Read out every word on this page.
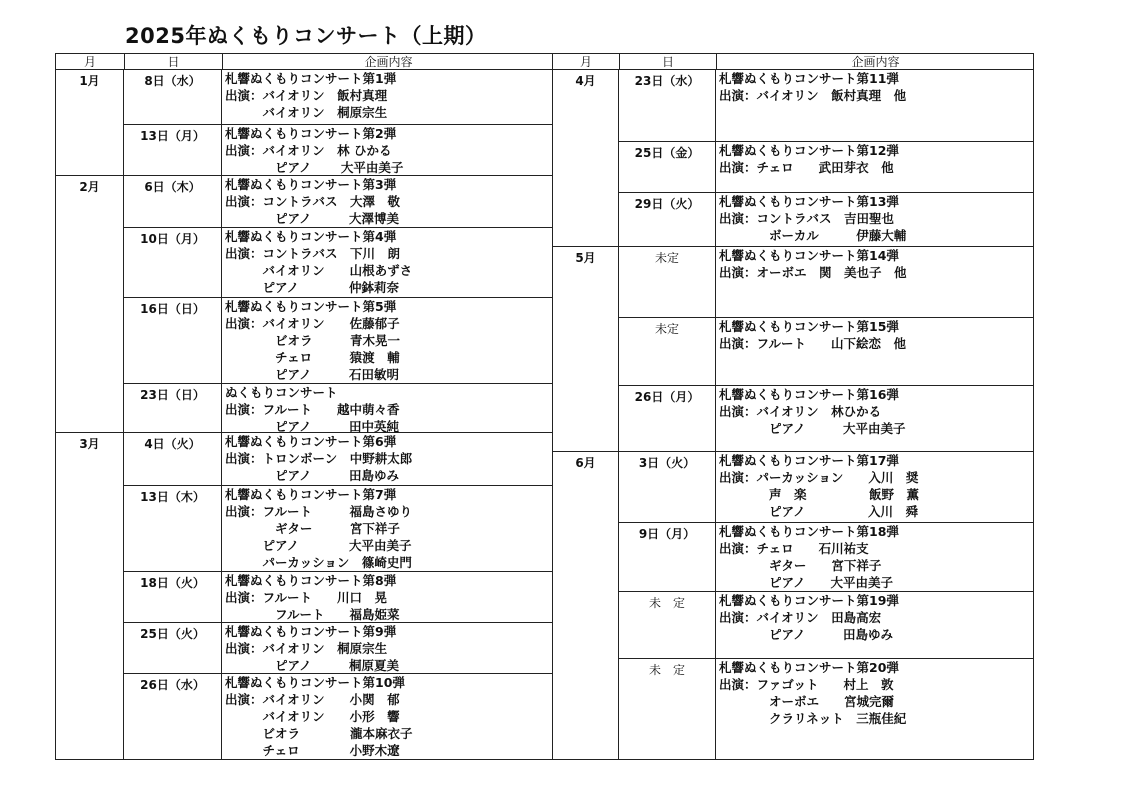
2025年ぬくもりコンサート（上期）
月	日	企画内容
1月	8日（水）	札響ぬくもりコンサート第1弾
出演：バイオリン　飯村真理
　　　バイオリン　桐原宗生
13日（月）	札響ぬくもりコンサート第2弾
出演：バイオリン　林 ひかる
　　　　ピアノ　　 大平由美子
2月	6日（木）	札響ぬくもりコンサート第3弾
出演：コントラバス　大澤　敬
　　　　ピアノ　　　大澤博美
10日（月）	札響ぬくもりコンサート第4弾
出演：コントラバス　下川　朗
　　　バイオリン　　山根あずさ
　　　ピアノ　　　　仲鉢莉奈
16日（日）	札響ぬくもりコンサート第5弾
出演：バイオリン　　佐藤郁子
　　　　ビオラ　　　青木晃一
　　　　チェロ　　　猿渡　輔
　　　　ピアノ　　　石田敏明
23日（日）	ぬくもりコンサート
出演：フルート　　越中萌々香
　　　　ピアノ　　　田中英純
3月	4日（火）	札響ぬくもりコンサート第6弾
出演：トロンボーン　中野耕太郎
　　　　ピアノ　　　田島ゆみ
13日（木）	札響ぬくもりコンサート第7弾
出演：フルート　　　福島さゆり
　　　　ギター　　　宮下祥子
　　　ピアノ　　　　大平由美子
　　　パーカッション　篠崎史門
18日（火）	札響ぬくもりコンサート第8弾
出演：フルート　　川口　晃
　　　　フルート　　福島姫菜
25日（火）	札響ぬくもりコンサート第9弾
出演：バイオリン　桐原宗生
　　　　ピアノ　　　桐原夏美
26日（水）	札響ぬくもりコンサート第10弾
出演：バイオリン　　小関　郁
　　　バイオリン　　小形　響
　　　ビオラ　　　　瀧本麻衣子
　　　チェロ　　　　小野木遼
月	日	企画内容
4月	23日（水）	札響ぬくもりコンサート第11弾
出演：バイオリン　飯村真理　他
25日（金）	札響ぬくもりコンサート第12弾
出演：チェロ　　武田芽衣　他
29日（火）	札響ぬくもりコンサート第13弾
出演：コントラバス　吉田聖也
　　　　ボーカル　　　伊藤大輔
5月	未定	札響ぬくもりコンサート第14弾
出演：オーボエ　関　美也子　他
未定	札響ぬくもりコンサート第15弾
出演：フルート　　山下絵恋　他
26日（月）	札響ぬくもりコンサート第16弾
出演：バイオリン　林ひかる
　　　　ピアノ　　　大平由美子
6月	3日（火）	札響ぬくもりコンサート第17弾
出演：パーカッション　　入川　奨
　　　　声　楽　　　　　飯野　薫
　　　　ピアノ　　　　　入川　舜
9日（月）	札響ぬくもりコンサート第18弾
出演：チェロ　　石川祐支
　　　　ギター　　宮下祥子
　　　　ピアノ　　大平由美子
未　定	札響ぬくもりコンサート第19弾
出演：バイオリン　田島高宏
　　　　ピアノ　　　田島ゆみ
未　定	札響ぬくもりコンサート第20弾
出演：ファゴット　　村上　敦
　　　　オーボエ　　宮城完爾
　　　　クラリネット　三瓶佳紀
